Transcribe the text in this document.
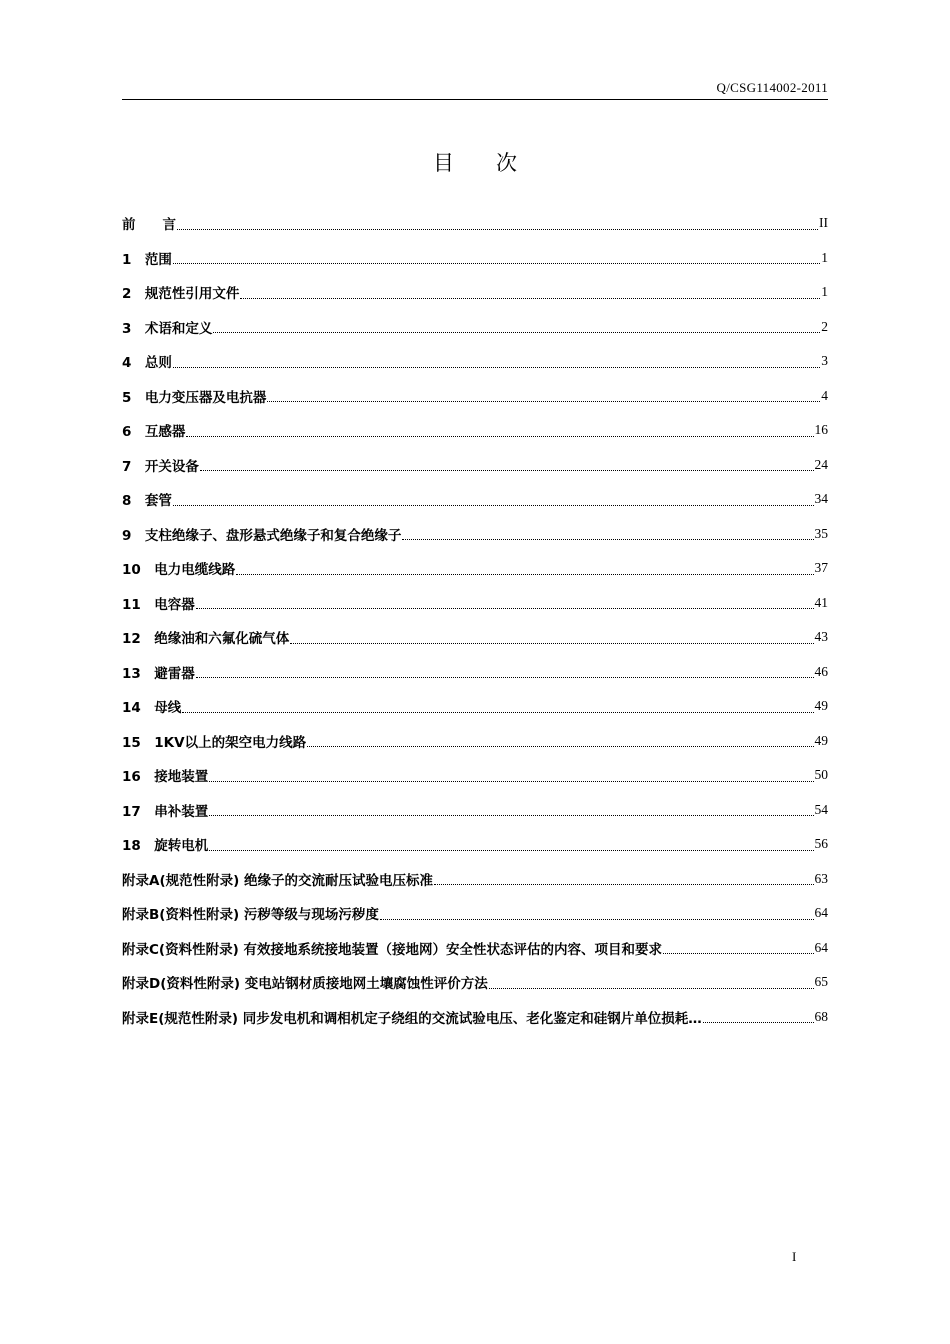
Q/CSG114002-2011
目次
前　　言	II
1　范围	1
2　规范性引用文件	1
3　术语和定义	2
4　总则	3
5　电力变压器及电抗器	4
6　互感器	16
7　开关设备	24
8　套管	34
9　支柱绝缘子、盘形悬式绝缘子和复合绝缘子	35
10　电力电缆线路	37
11　电容器	41
12　绝缘油和六氟化硫气体	43
13　避雷器	46
14　母线	49
15　1KV以上的架空电力线路	49
16　接地装置	50
17　串补装置	54
18　旋转电机	56
附录A(规范性附录) 绝缘子的交流耐压试验电压标准	63
附录B(资料性附录) 污秽等级与现场污秽度	64
附录C(资料性附录) 有效接地系统接地装置（接地网）安全性状态评估的内容、项目和要求	64
附录D(资料性附录) 变电站钢材质接地网土壤腐蚀性评价方法	65
附录E(规范性附录) 同步发电机和调相机定子绕组的交流试验电压、老化鉴定和硅钢片单位损耗…	68
I
